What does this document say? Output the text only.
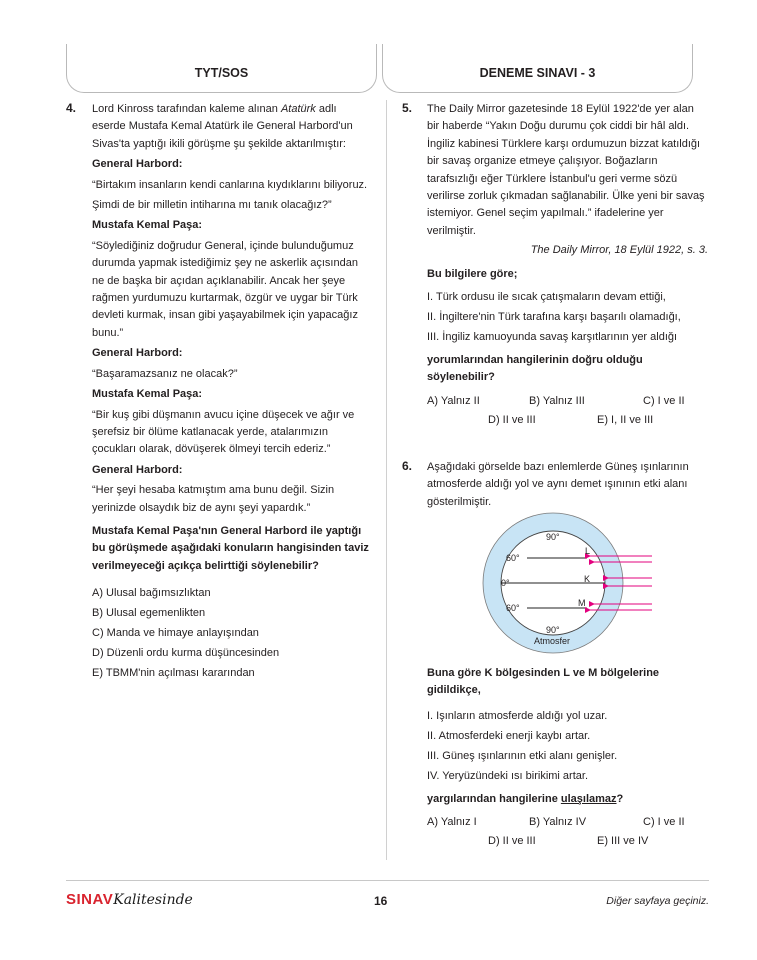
TYT/SOS	DENEME SINAVI - 3
4. Lord Kinross tarafından kaleme alınan Atatürk adlı eserde Mustafa Kemal Atatürk ile General Harbord'un Sivas'ta yaptığı ikili görüşme şu şekilde aktarılmıştır:

General Harbord:

“Birtakım insanların kendi canlarına kıydıklarını biliyoruz.

Şimdi de bir milletin intiharına mı tanık olacağız?”

Mustafa Kemal Paşa:

“Söylediğiniz doğrudur General, içinde bulunduğumuz durumda yapmak istediğimiz şey ne askerlik açısından ne de başka bir açıdan açıklanabilir. Ancak her şeye rağmen yurdumuzu kurtarmak, özgür ve uygar bir Türk devleti kurmak, insan gibi yaşayabilmek için yapacağız bunu.”

General Harbord:

“Başaramazsanız ne olacak?”

Mustafa Kemal Paşa:

“Bir kuş gibi düşmanın avucu içine düşecek ve ağır ve şerefsiz bir ölüme katlanacak yerde, atalarımızın çocukları olarak, dövüşerek ölmeyi tercih ederiz.”

General Harbord:

“Her şeyi hesaba katmıştım ama bunu değil. Sizin yerinizde olsaydık biz de aynı şeyi yapardık.”

Mustafa Kemal Paşa'nın General Harbord ile yaptığı bu görüşmede aşağıdaki konuların hangisinden taviz verilmeyeceği açıkça belirttiği söylenebilir?

A) Ulusal bağımsızlıktan

B) Ulusal egemenlikten

C) Manda ve himaye anlayışından

D) Düzenli ordu kurma düşüncesinden

E) TBMM'nin açılması kararından

5. The Daily Mirror gazetesinde 18 Eylül 1922'de yer alan bir haberde “Yakın Doğu durumu çok ciddi bir hâl aldı. İngiliz kabinesi Türklere karşı ordumuzun bizzat katıldığı bir savaş organize etmeye çalışıyor. Boğazların tarafsızlığı eğer Türklere İstanbul'u geri verme sözü verilirse zorluk çıkmadan sağlanabilir. Ülke yeni bir savaş istemiyor. Genel seçim yapılmalı.” ifadelerine yer verilmiştir.

The Daily Mirror, 18 Eylül 1922, s. 3.

Bu bilgilere göre;

I. Türk ordusu ile sıcak çatışmaların devam ettiği,

II. İngiltere'nin Türk tarafına karşı başarılı olamadığı,

III. İngiliz kamuoyunda savaş karşıtlarının yer aldığı

yorumlarından hangilerinin doğru olduğu söylenebilir?

A) Yalnız II	B) Yalnız III	C) I ve II
D) II ve III	E) I, II ve III
6. Aşağıdaki görselde bazı enlemlerde Güneş ışınlarının atmosferde aldığı yol ve aynı demet ışınının etki alanı gösterilmiştir.

90°
90°
60°
0°
60°
L
K
M
Atmosfer

Buna göre K bölgesinden L ve M bölgelerine gidildikçe,

I. Işınların atmosferde aldığı yol uzar.

II. Atmosferdeki enerji kaybı artar.

III. Güneş ışınlarının etki alanı genişler.

IV. Yeryüzündeki ısı birikimi artar.

yargılarından hangilerine ulaşılamaz?

A) Yalnız I	B) Yalnız IV	C) I ve II
D) II ve III	E) III ve IV
SINAVKalitesinde	16	Diğer sayfaya geçiniz.
